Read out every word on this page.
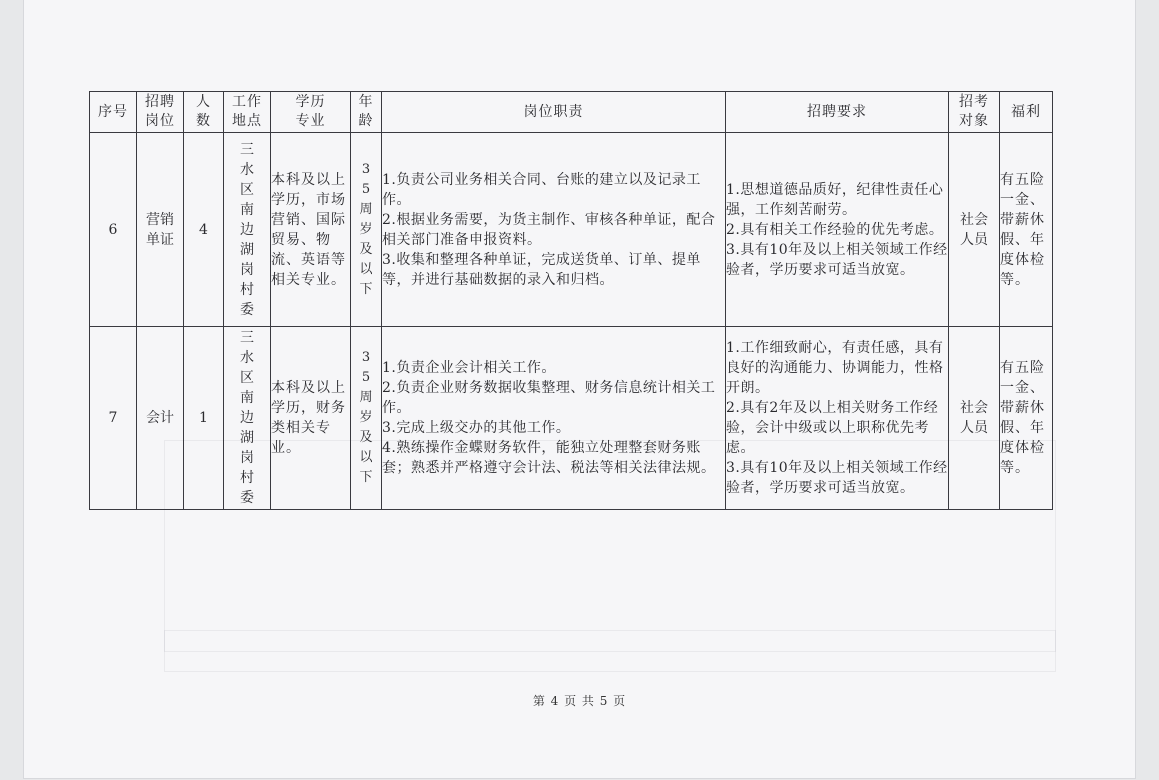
序号	招聘岗位	人数	工作地点	学历专业	年龄	岗位职责	招聘要求	招考对象	福利
6	营销单证	4	三水区南边湖岗村委	本科及以上学历，市场营销、国际贸易、物流、英语等相关专业。	35周岁及以下	1.负责公司业务相关合同、台账的建立以及记录工作。
2.根据业务需要，为货主制作、审核各种单证，配合相关部门准备申报资料。
3.收集和整理各种单证，完成送货单、订单、提单等，并进行基础数据的录入和归档。	1.思想道德品质好，纪律性责任心强，工作刻苦耐劳。
2.具有相关工作经验的优先考虑。
3.具有10年及以上相关领域工作经验者，学历要求可适当放宽。	社会人员	有五险一金、带薪休假、年度体检等。
7	会计	1	三水区南边湖岗村委	本科及以上学历，财务类相关专业。	35周岁及以下	1.负责企业会计相关工作。
2.负责企业财务数据收集整理、财务信息统计相关工作。
3.完成上级交办的其他工作。
4.熟练操作金蝶财务软件，能独立处理整套财务账套；熟悉并严格遵守会计法、税法等相关法律法规。	1.工作细致耐心，有责任感，具有良好的沟通能力、协调能力，性格开朗。
2.具有2年及以上相关财务工作经验，会计中级或以上职称优先考虑。
3.具有10年及以上相关领域工作经验者，学历要求可适当放宽。	社会人员	有五险一金、带薪休假、年度体检等。
第 4 页 共 5 页
